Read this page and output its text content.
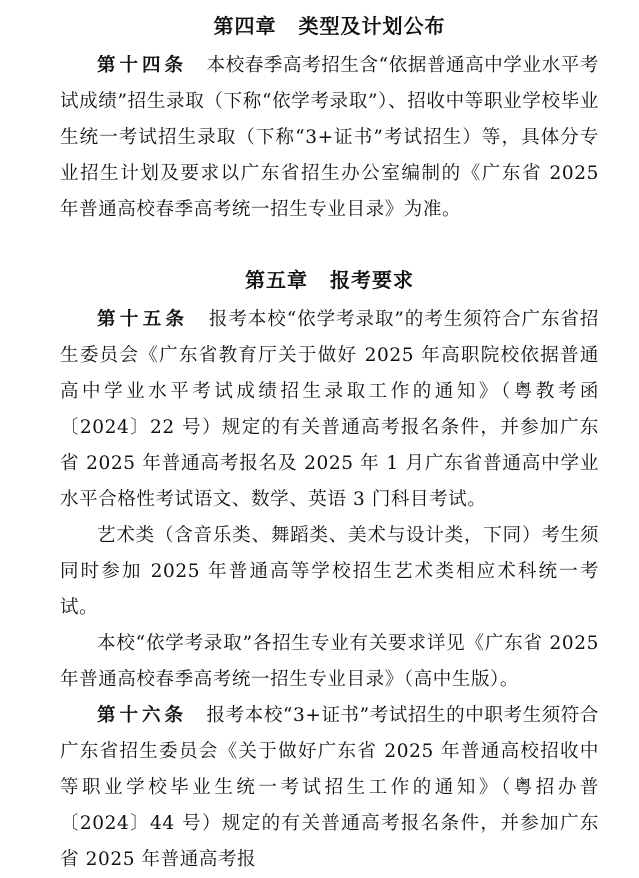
第四章 类型及计划公布

第十四条 本校春季高考招生含“依据普通高中学业水平考试成绩”招生录取（下称“依学考录取”）、招收中等职业学校毕业生统一考试招生录取（下称“3+证书”考试招生）等，具体分专业招生计划及要求以广东省招生办公室编制的《广东省 2025 年普通高校春季高考统一招生专业目录》为准。

第五章 报考要求

第十五条 报考本校“依学考录取”的考生须符合广东省招生委员会《广东省教育厅关于做好 2025 年高职院校依据普通高中学业水平考试成绩招生录取工作的通知》（粤教考函〔2024〕22 号）规定的有关普通高考报名条件，并参加广东省 2025 年普通高考报名及 2025 年 1 月广东省普通高中学业水平合格性考试语文、数学、英语 3 门科目考试。

艺术类（含音乐类、舞蹈类、美术与设计类，下同）考生须同时参加 2025 年普通高等学校招生艺术类相应术科统一考试。

本校“依学考录取”各招生专业有关要求详见《广东省 2025 年普通高校春季高考统一招生专业目录》（高中生版）。

第十六条 报考本校“3+证书”考试招生的中职考生须符合广东省招生委员会《关于做好广东省 2025 年普通高校招收中等职业学校毕业生统一考试招生工作的通知》（粤招办普〔2024〕44 号）规定的有关普通高考报名条件，并参加广东省 2025 年普通高考报
